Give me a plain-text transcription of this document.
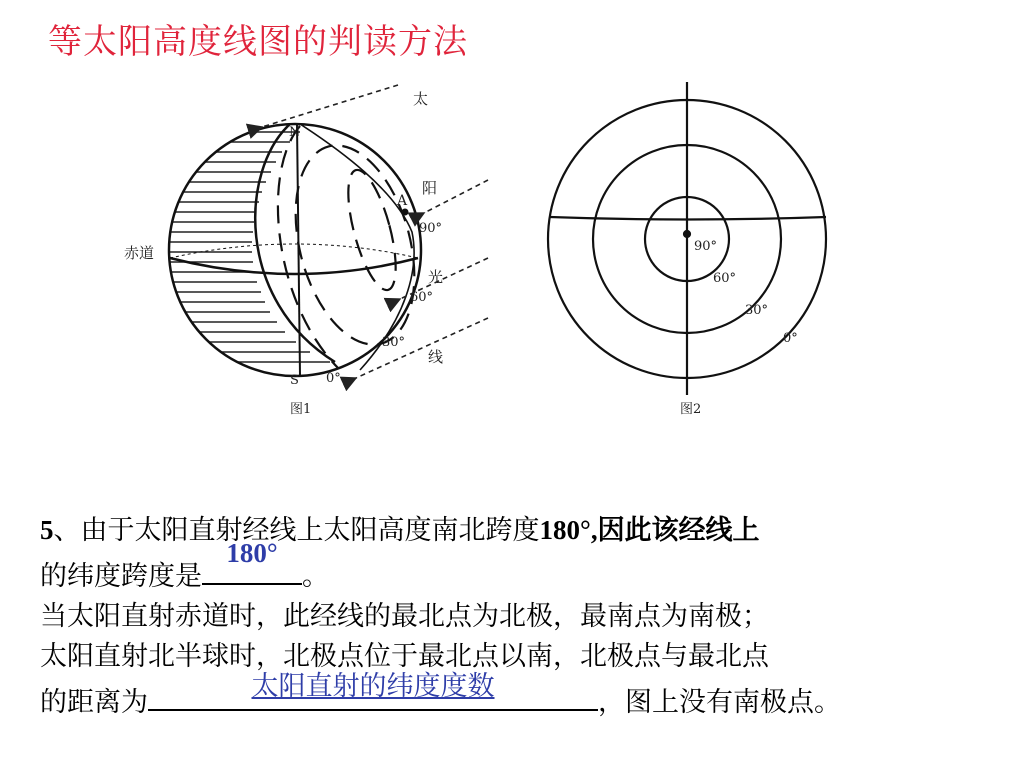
等太阳高度线图的判读方法
N
S
A
赤道
90°
60°
30°
0°
太
阳
光
线
图1
90°
60°
30°
0°
图2
5、由于太阳直射经线上太阳高度南北跨度180°,因此该经线上
的纬度跨度是
180°
。
当太阳直射赤道时，此经线的最北点为北极，最南点为南极；
太阳直射北半球时，北极点位于最北点以南，北极点与最北点
的距离为
太阳直射的纬度度数
，图上没有南极点。
